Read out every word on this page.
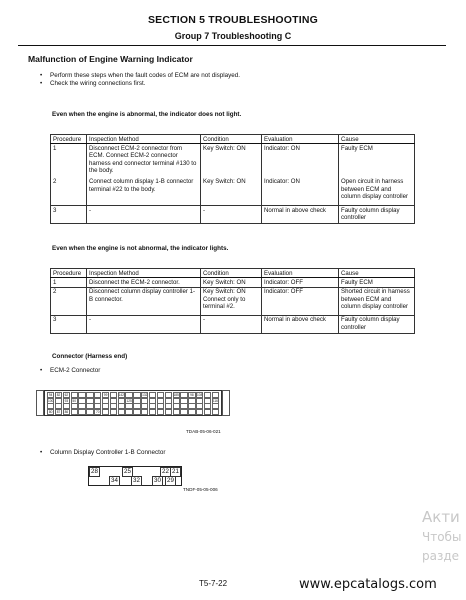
SECTION 5 TROUBLESHOOTING
Group 7 Troubleshooting C
Malfunction of Engine Warning Indicator
• Perform these steps when the fault codes of ECM are not displayed.
• Check the wiring connections first.
Even when the engine is abnormal, the indicator does not light.
Procedure	Inspection Method	Condition	Evaluation	Cause
1	Disconnect ECM-2 connector from ECM. Connect ECM-2 connector harness end connector terminal #130 to the body.	Key Switch: ON	Indicator: ON	Faulty ECM
2	Connect column display 1-B connector terminal #22 to the body.	Key Switch: ON	Indicator: ON	Open circuit in harness between ECM and column display controller
3	-	-	Normal in above check	Faulty column display controller
Even when the engine is not abnormal, the indicator lights.
Procedure	Inspection Method	Condition	Evaluation	Cause
1	Disconnect the ECM-2 connector.	Key Switch: ON	Indicator: OFF	Faulty ECM
2	Disconnect column display controller 1-B connector.	Key Switch: ON Connect only to terminal #2.	Indicator: OFF	Shorted circuit in harness between ECM and column display controller
3	-	-	Normal in above check	Faulty column display controller
Connector (Harness end)
• ECM-2 Connector
94	82	62	99	142	132	185	98	108
100	93	50	125	116
80	87	86	70
TDAB-05-06-021
• Column Display Controller 1-B Connector
28	25	22 21
34	32	30 29
TNDF-05-05-006
T5-7-22	www.epcatalogs.com
Акти
Чтобы
разде
